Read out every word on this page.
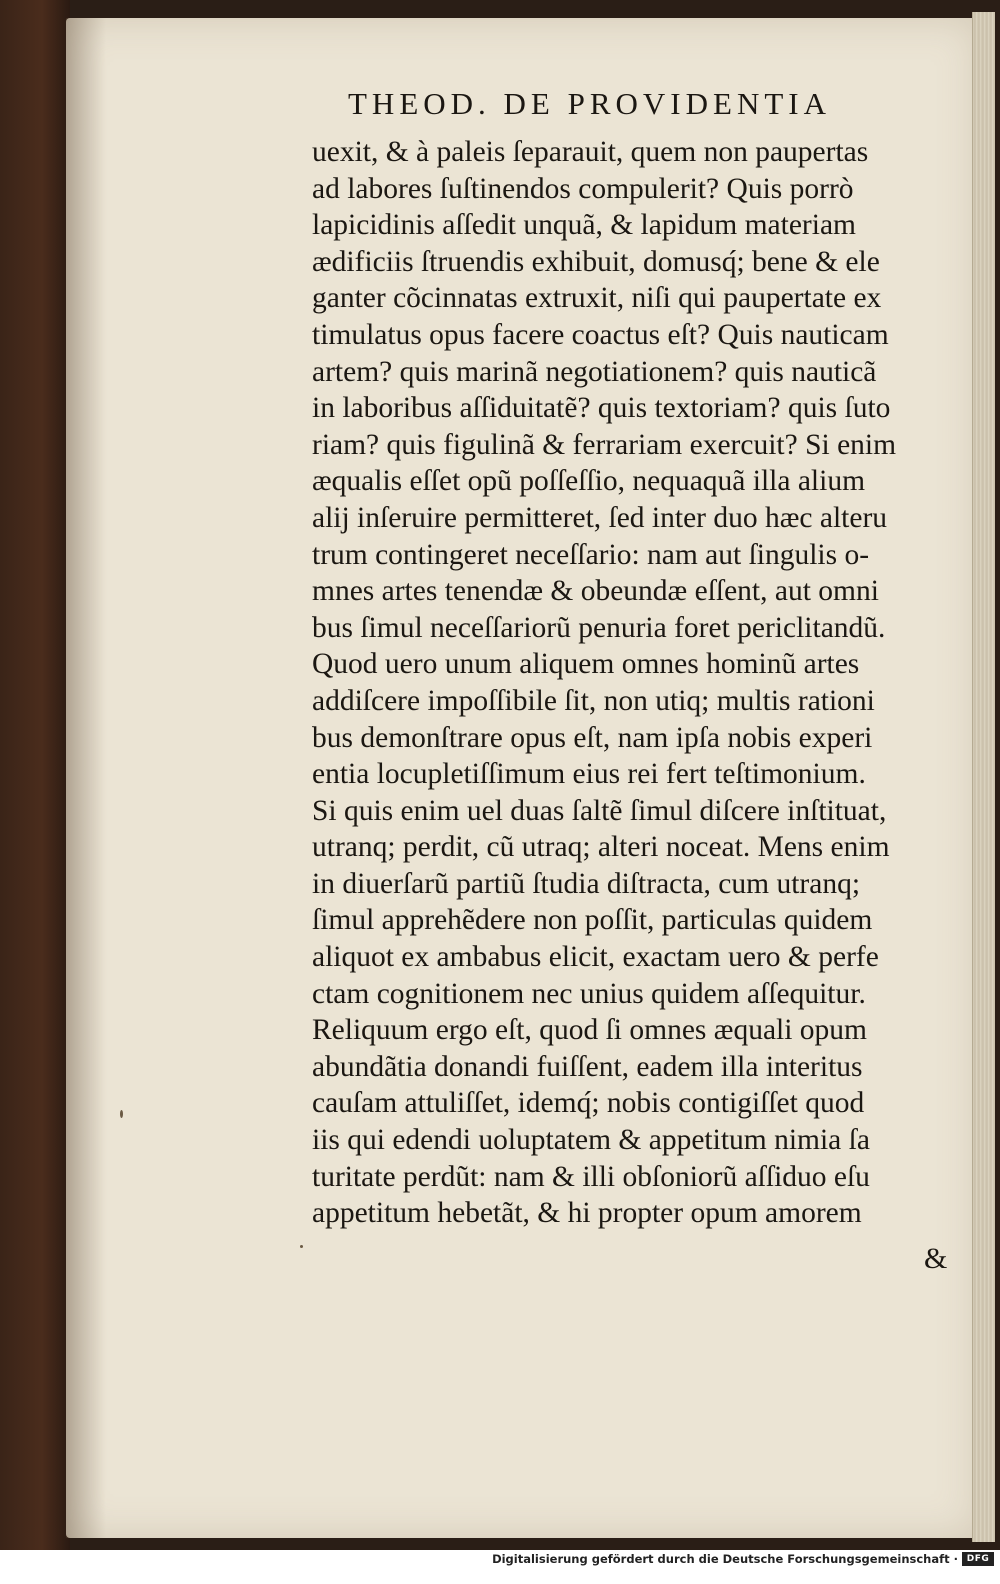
THEOD. DE PROVIDENTIA
uexit, & à paleis ſeparauit, quem non paupertas
ad labores ſuſtinendos compulerit? Quis porrò
lapicidinis aſſedit unquã, & lapidum materiam
ædificiis ſtruendis exhibuit, domusq́; bene & ele
ganter cõcinnatas extruxit, niſi qui paupertate ex
timulatus opus facere coactus eſt? Quis nauticam
artem? quis marinã negotiationem? quis nauticã
in laboribus aſſiduitatẽ? quis textoriam? quis ſuto
riam? quis figulinã & ferrariam exercuit? Si enim
æqualis eſſet opũ poſſeſſio, nequaquã illa alium
alij inſeruire permitteret, ſed inter duo hæc alteru
trum contingeret neceſſario: nam aut ſingulis o-
mnes artes tenendæ & obeundæ eſſent, aut omni
bus ſimul neceſſariorũ penuria foret periclitandũ.
Quod uero unum aliquem omnes hominũ artes
addiſcere impoſſibile ſit, non utiq; multis rationi
bus demonſtrare opus eſt, nam ipſa nobis experi
entia locupletiſſimum eius rei fert teſtimonium.
Si quis enim uel duas ſaltẽ ſimul diſcere inſtituat,
utranq; perdit, cũ utraq; alteri noceat. Mens enim
in diuerſarũ partiũ ſtudia diſtracta, cum utranq;
ſimul apprehẽdere non poſſit, particulas quidem
aliquot ex ambabus elicit, exactam uero & perfe
ctam cognitionem nec unius quidem aſſequitur.
Reliquum ergo eſt, quod ſi omnes æquali opum
abundãtia donandi fuiſſent, eadem illa interitus
cauſam attuliſſet, idemq́; nobis contigiſſet quod
iis qui edendi uoluptatem & appetitum nimia ſa
turitate perdũt: nam & illi obſoniorũ aſſiduo eſu
appetitum hebetãt, & hi propter opum amorem
&
Digitalisierung gefördert durch die Deutsche Forschungsgemeinschaft · DFG
